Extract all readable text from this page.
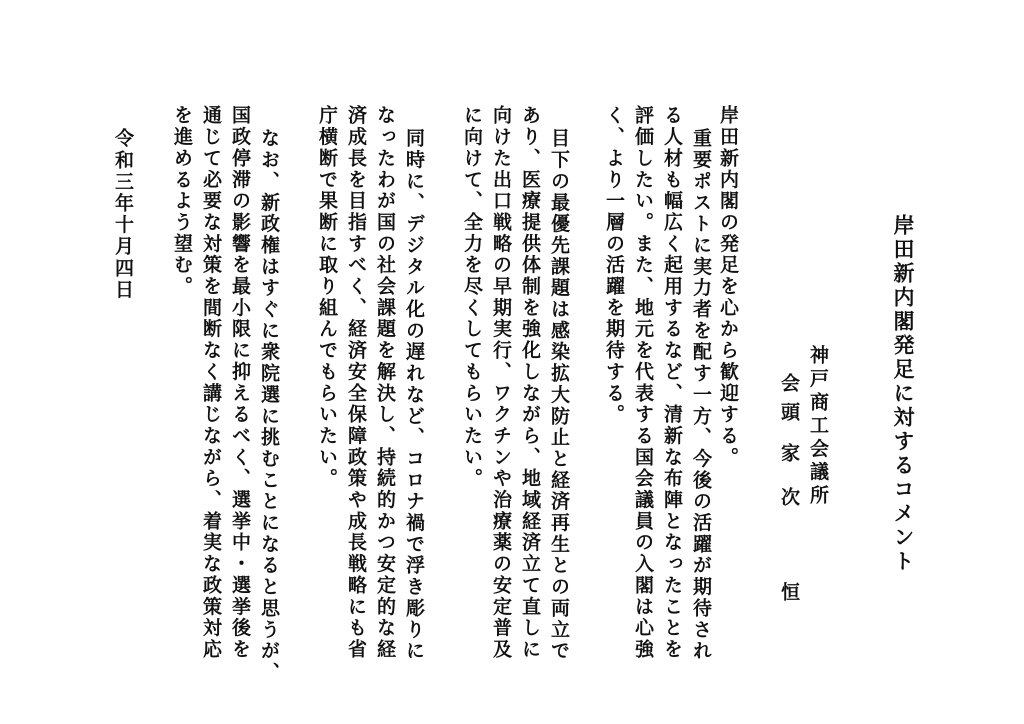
岸田新内閣発足に対するコメント
神戸商工会議所
会頭
家
次
恒
岸田新内閣の発足を心から歓迎する。
重要ポストに実力者を配す一方、今後の活躍が期待され
る人材も幅広く起用するなど、清新な布陣となったことを
評価したい。また、地元を代表する国会議員の入閣は心強
く、より一層の活躍を期待する。
目下の最優先課題は感染拡大防止と経済再生との両立で
あり、医療提供体制を強化しながら、地域経済立て直しに
向けた出口戦略の早期実行、ワクチンや治療薬の安定普及
に向けて、全力を尽くしてもらいたい。
同時に、デジタル化の遅れなど、コロナ禍で浮き彫りに
なったわが国の社会課題を解決し、持続的かつ安定的な経
済成長を目指すべく、経済安全保障政策や成長戦略にも省
庁横断で果断に取り組んでもらいたい。
なお、新政権はすぐに衆院選に挑むことになると思うが、
国政停滞の影響を最小限に抑えるべく、選挙中・選挙後を
通じて必要な対策を間断なく講じながら、着実な政策対応
を進めるよう望む。
令和三年十月四日
